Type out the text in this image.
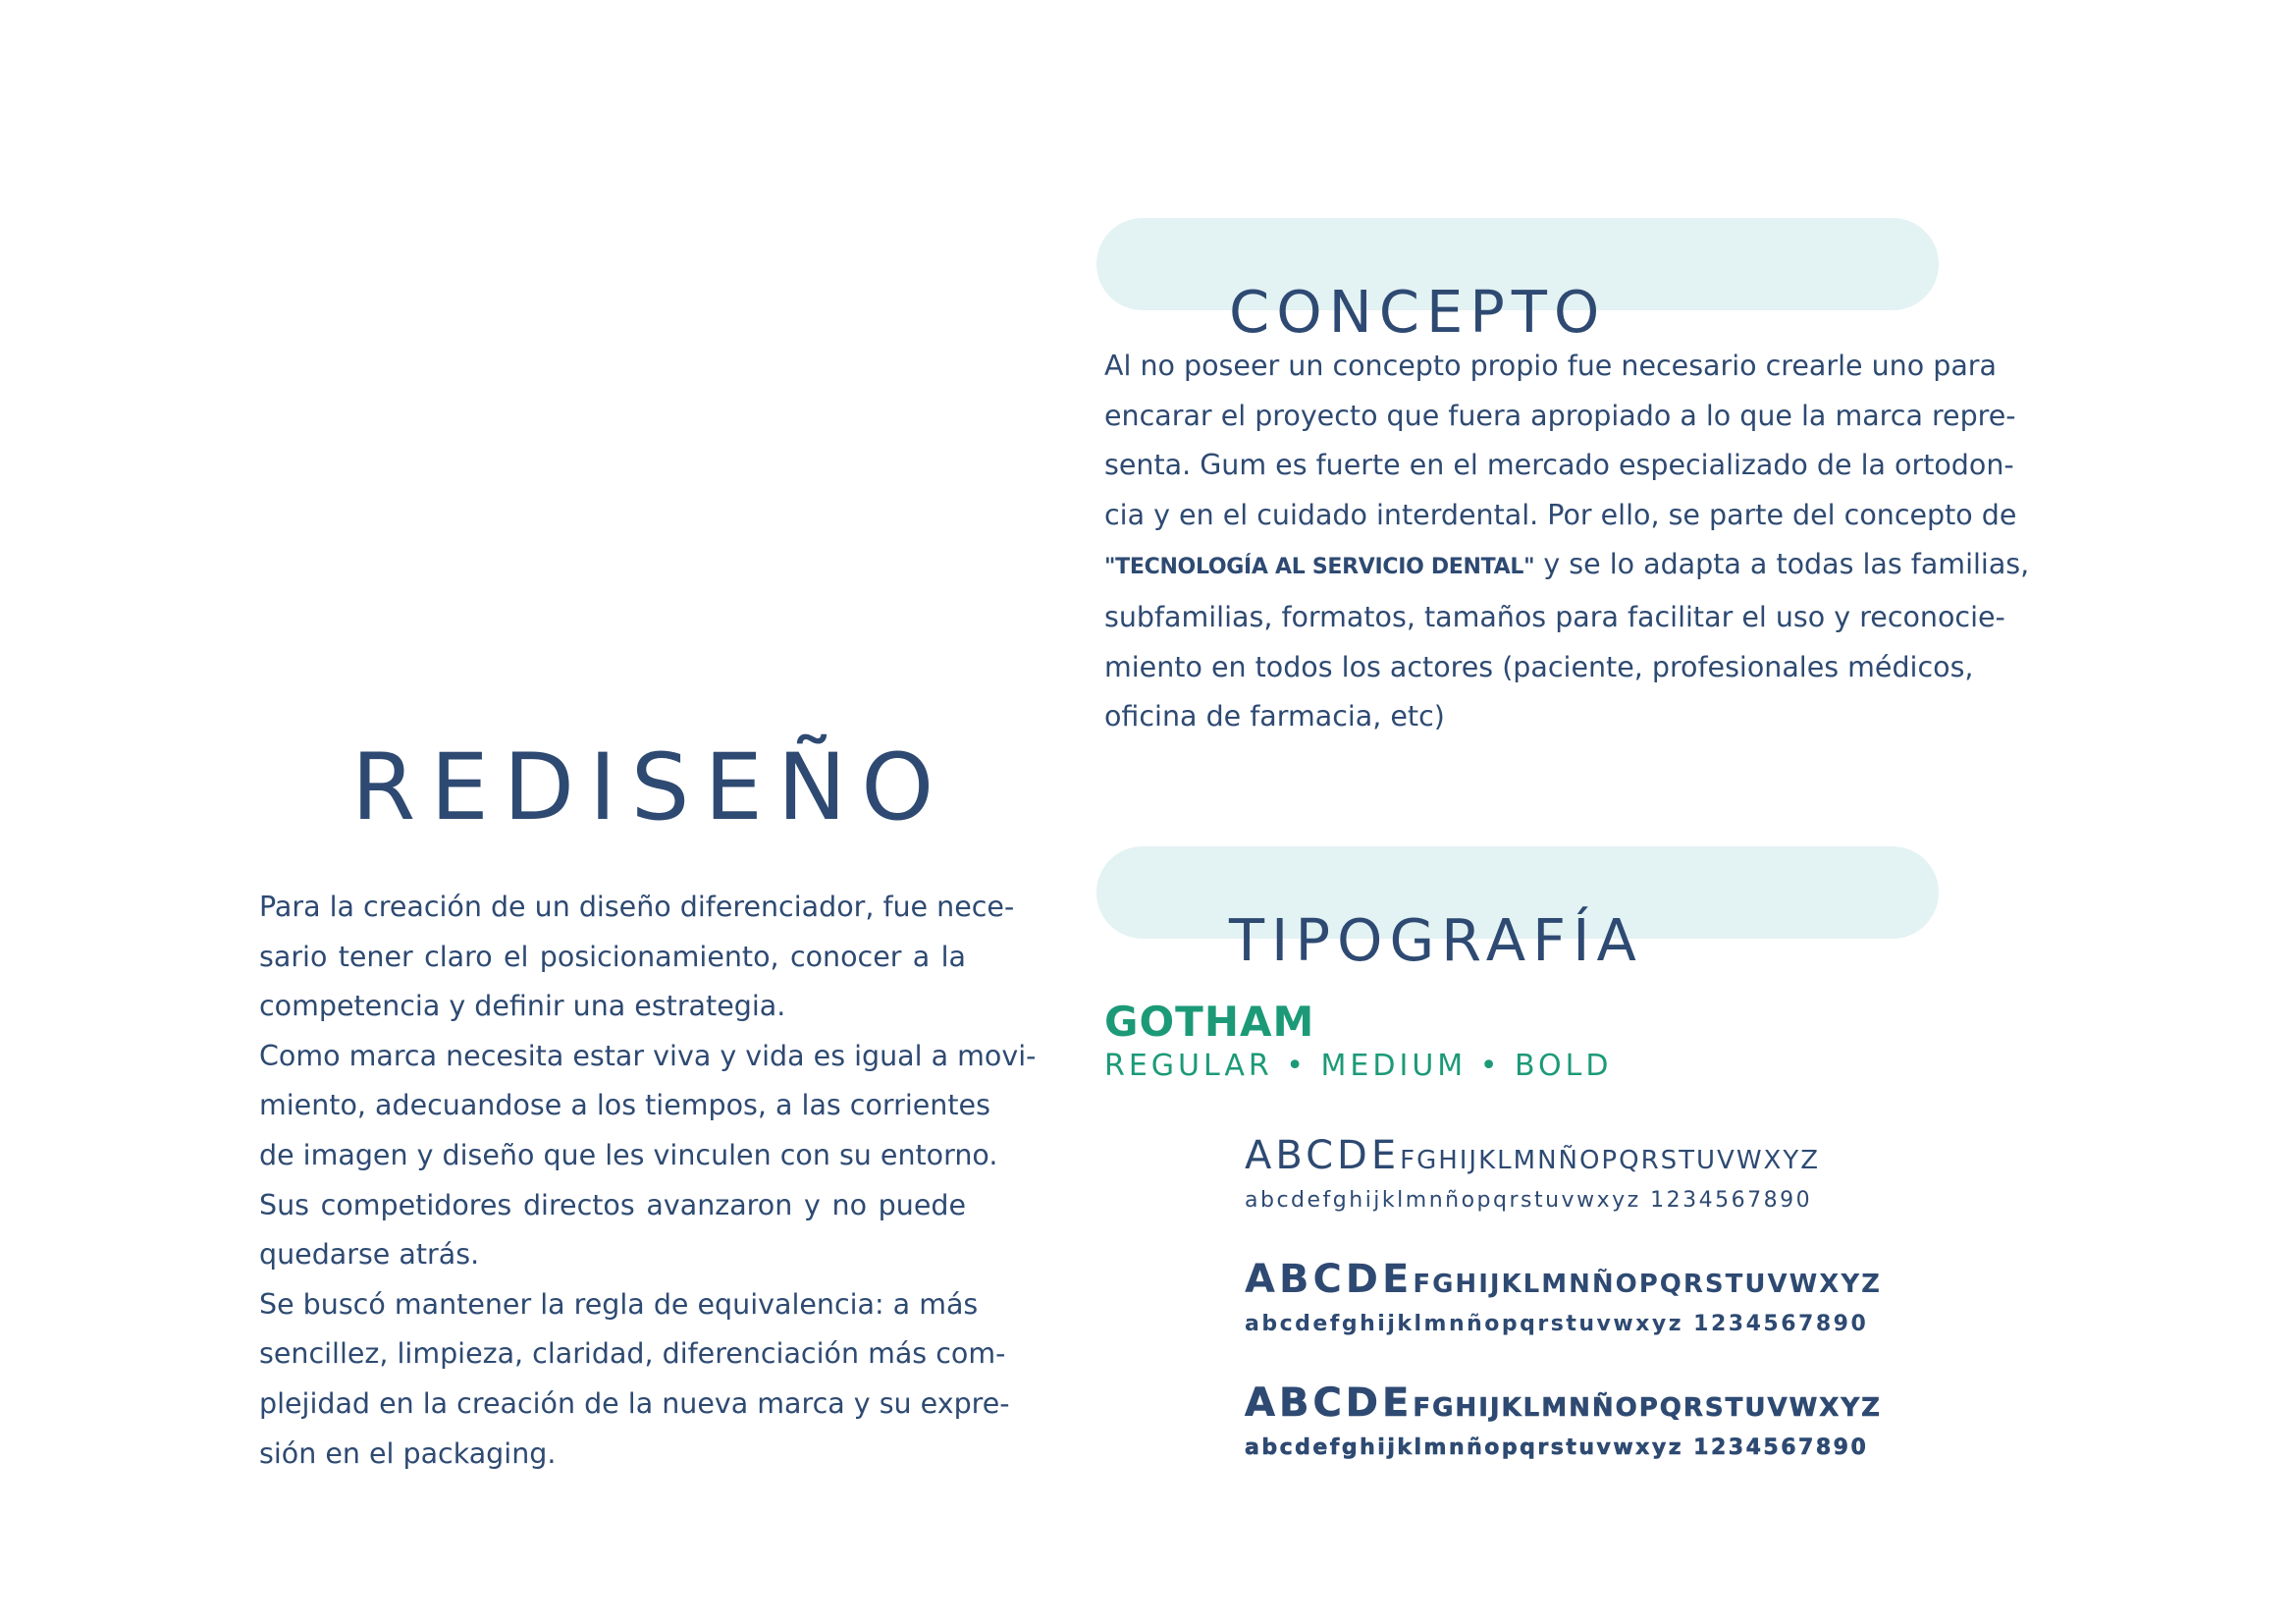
CONCEPTO

Al no poseer un concepto propio fue necesario crearle uno para
encarar el proyecto que fuera apropiado a lo que la marca repre-
senta. Gum es fuerte en el mercado especializado de la ortodon-
cia y en el cuidado interdental. Por ello, se parte del concepto de
"TECNOLOGÍA AL SERVICIO DENTAL" y se lo adapta a todas las familias,
subfamilias, formatos, tamaños para facilitar el uso y reconocie-
miento en todos los actores (paciente, profesionales médicos,
oficina de farmacia, etc)

REDISEÑO

Para la creación de un diseño diferenciador, fue nece-
sario tener claro el posicionamiento, conocer a la
competencia y definir una estrategia.
Como marca necesita estar viva y vida es igual a movi-
miento, adecuandose a los tiempos, a las corrientes
de imagen y diseño que les vinculen con su entorno.
Sus competidores directos avanzaron y no puede
quedarse atrás.
Se buscó mantener la regla de equivalencia: a más
sencillez, limpieza, claridad, diferenciación más com-
plejidad en la creación de la nueva marca y su expre-
sión en el packaging.

TIPOGRAFÍA
GOTHAM
REGULAR • MEDIUM • BOLD
ABCDEFGHIJKLMNÑOPQRSTUVWXYZ
abcdefghijklmnñopqrstuvwxyz 1234567890
ABCDEFGHIJKLMNÑOPQRSTUVWXYZ
abcdefghijklmnñopqrstuvwxyz 1234567890
ABCDEFGHIJKLMNÑOPQRSTUVWXYZ
abcdefghijklmnñopqrstuvwxyz 1234567890
